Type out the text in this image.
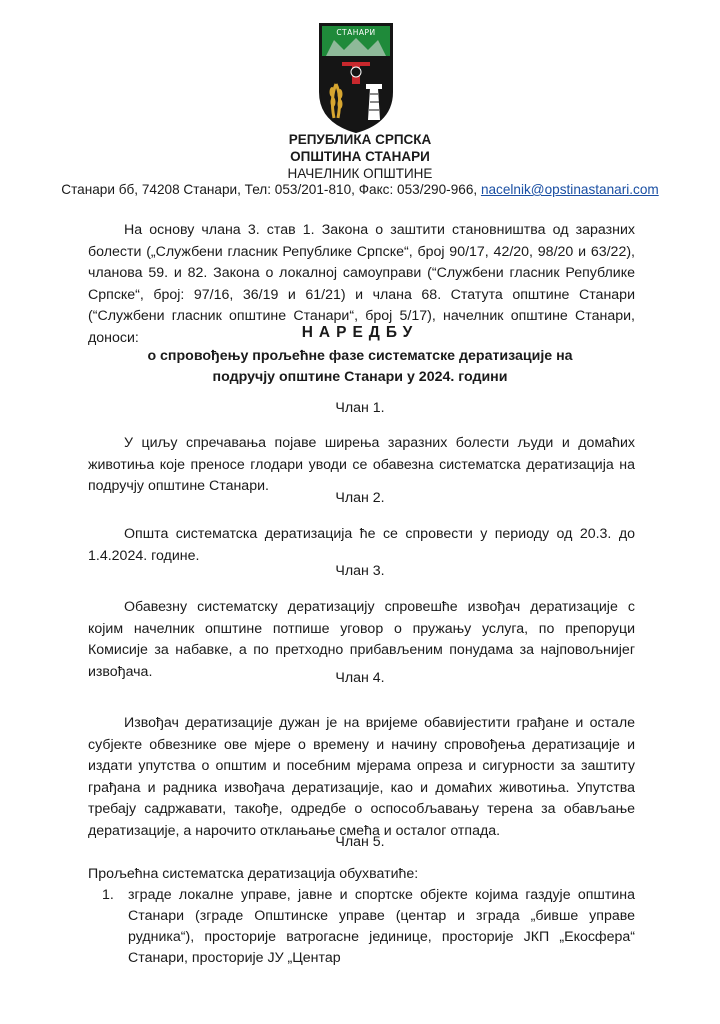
СТАНАРИ
РЕПУБЛИКА СРПСКА
ОПШТИНА СТАНАРИ
НАЧЕЛНИК ОПШТИНЕ
Станари бб, 74208 Станари, Тел: 053/201-810, Факс: 053/290-966, nacelnik@opstinastanari.com
На основу члана 3. став 1. Закона о заштити становништва од заразних болести („Службени гласник Републике Српске“, број 90/17, 42/20, 98/20 и 63/22), чланова 59. и 82. Закона о локалној самоуправи (“Службени гласник Републике Српске“, број: 97/16, 36/19 и 61/21) и члана 68. Статута општине Станари (“Службени гласник општине Станари“, број 5/17), начелник општине Станари, доноси:	НАРЕДБУ
о спровођењу прољећне фазе систематске дератизације на
подручју општине Станари у 2024. години
Члан 1.
У циљу спречавања појаве ширења заразних болести људи и домаћих животиња које преносе глодари уводи се обавезна систематска дератизација на подручју општине Станари.
Члан 2.
Општа систематска дератизација ће се спровести у периоду од 20.3. до 1.4.2024. године.
Члан 3.
Обавезну систематску дератизацију спровешће извођач дератизације с којим начелник општине потпише уговор о пружању услуга, по препоруци Комисије за набавке, а по претходно прибављеним понудама за најповољнијег извођача.	Члан 4.
Извођач дератизације дужан је на вријеме обавијестити грађане и остале субјекте обвезнике ове мјере о времену и начину спровођења дератизације и издати упутства о општим и посебним мјерама опреза и сигурности за заштиту грађана и радника извођача дератизације, као и домаћих животиња. Упутства требају садржавати, такође, одредбе о оспособљавању терена за обављање дератизације, а нарочито отклањање смећа и осталог отпада.
Члан 5.
Прољећна систематска дератизација обухватиће:
1. зграде локалне управе, јавне и спортске објекте којима газдује општина Станари (зграде Општинске управе (центар и зграда „бивше управе рудника“), просторије ватрогасне јединице, просторије ЈКП „Екосфера“ Станари, просторије ЈУ „Центар
